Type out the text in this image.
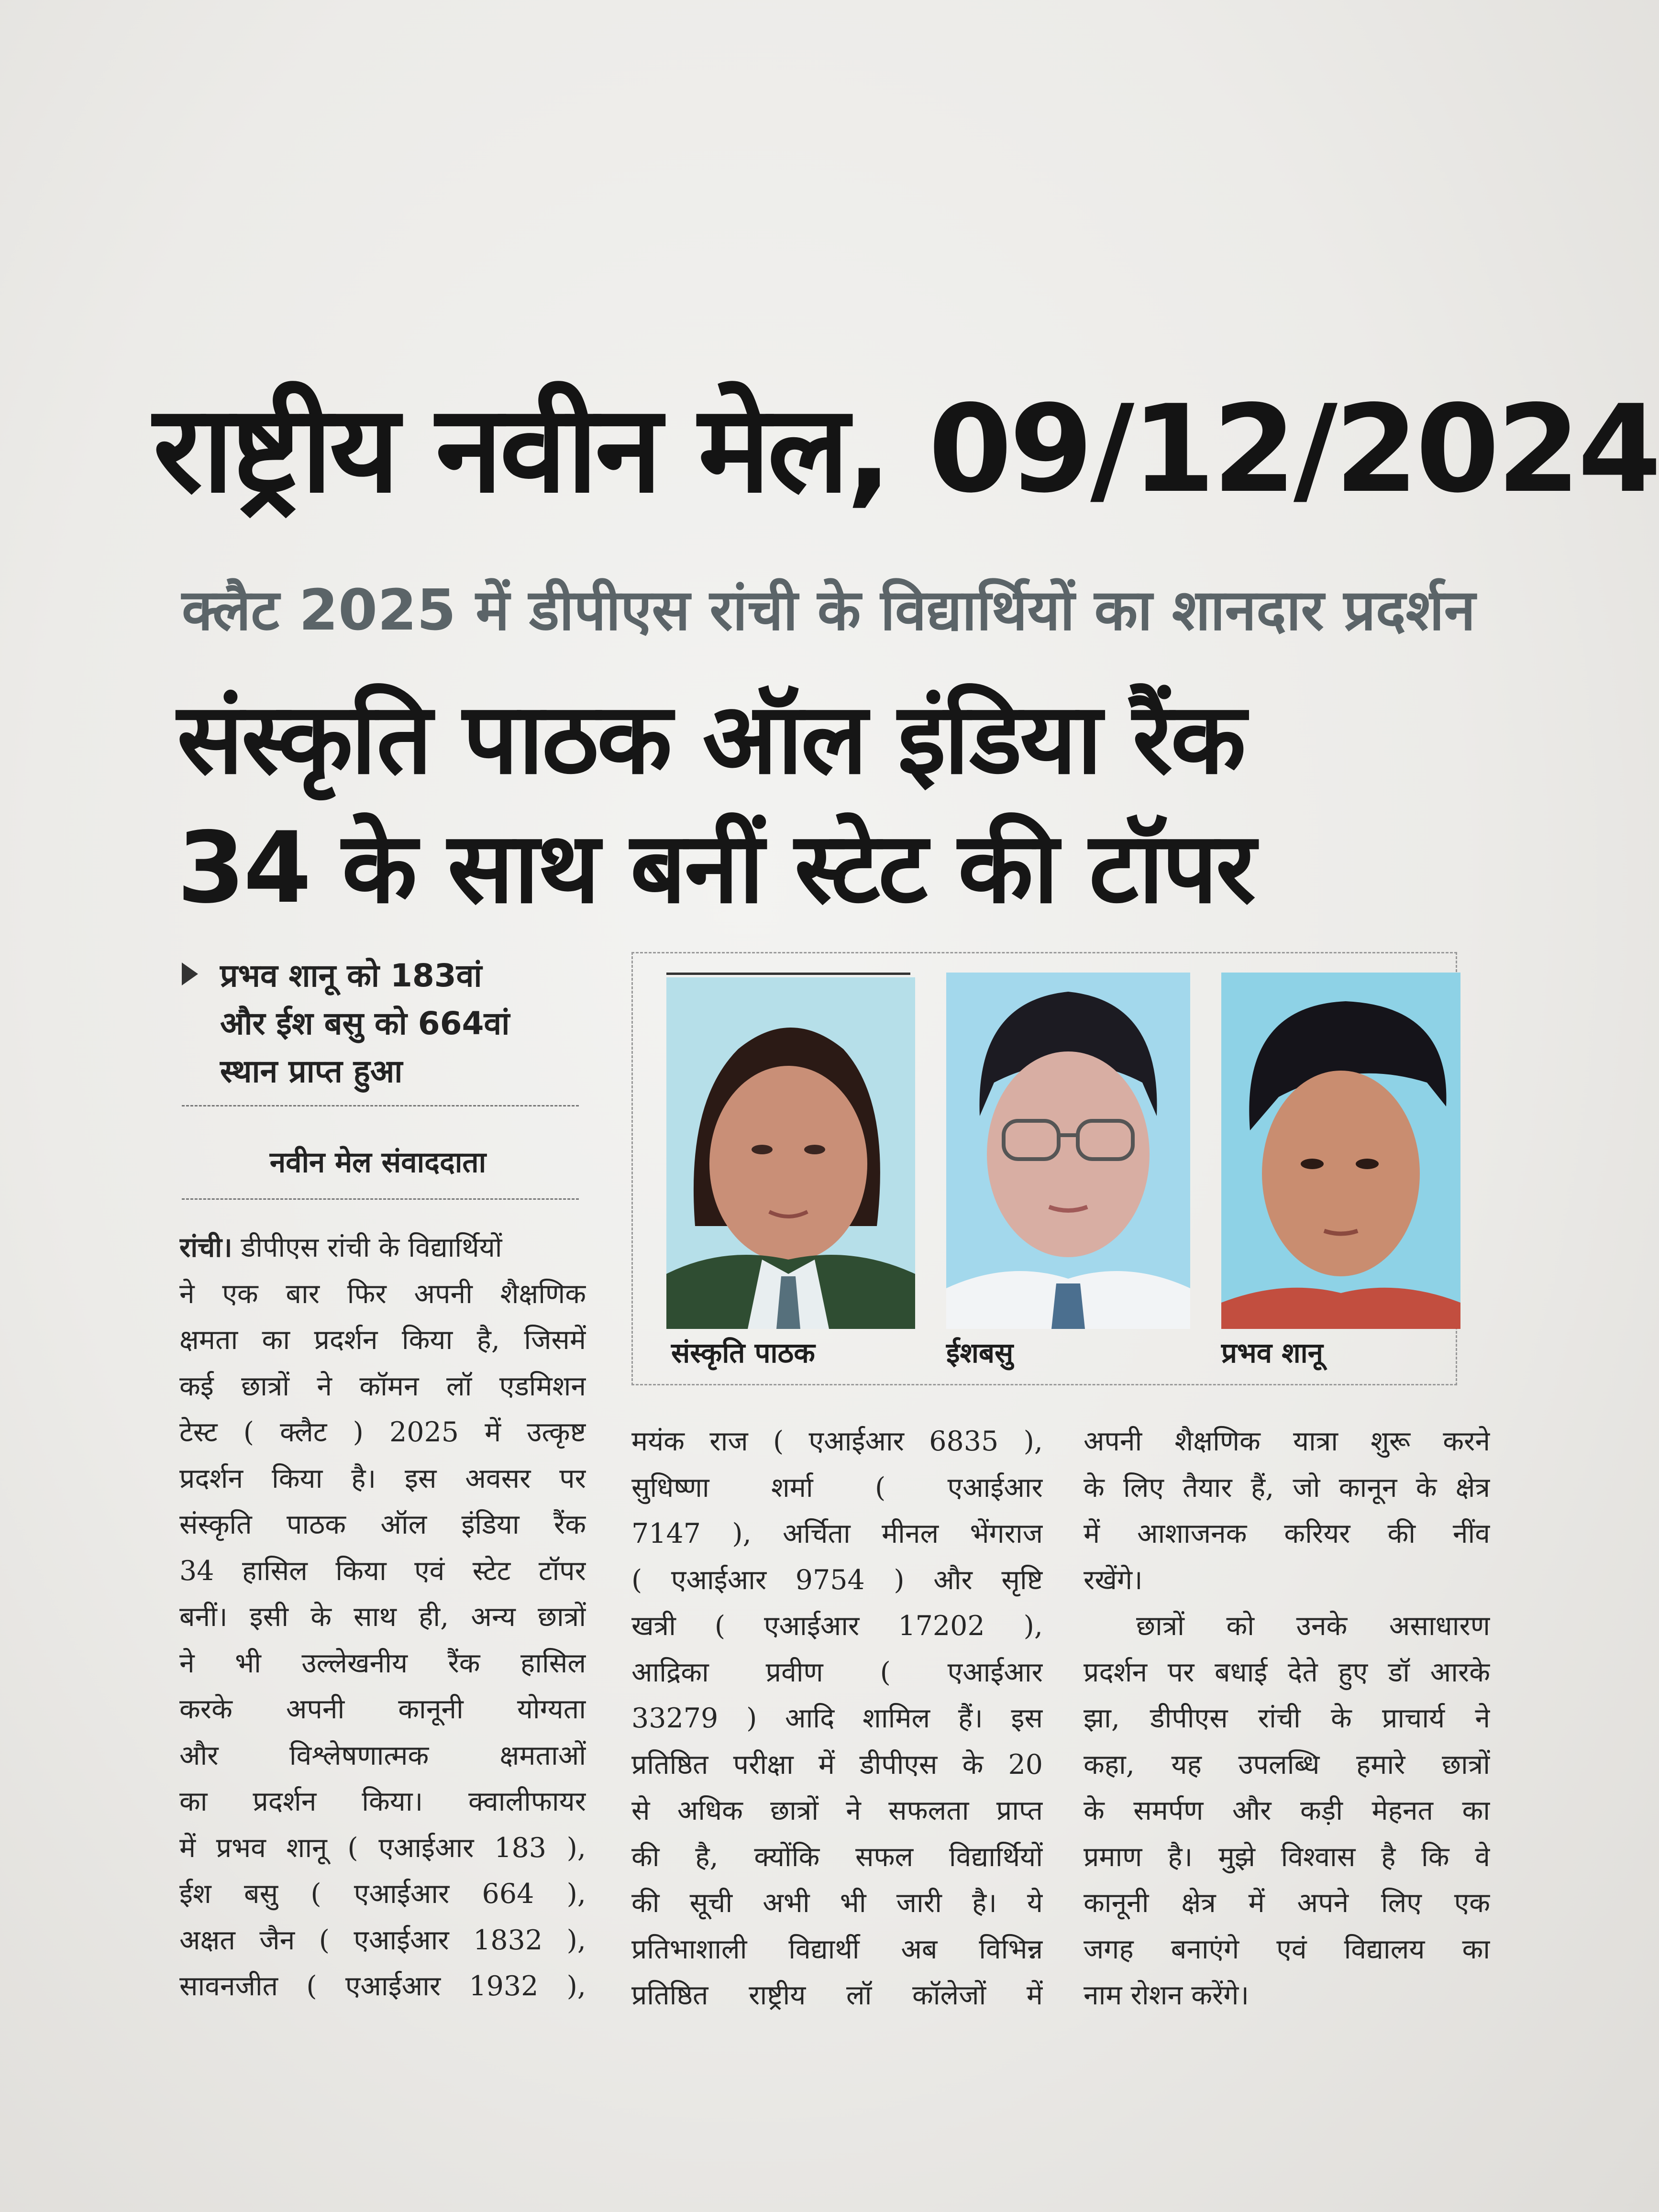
राष्ट्रीय नवीन मेल, 09/12/2024
क्लैट 2025 में डीपीएस रांची के विद्यार्थियों का शानदार प्रदर्शन
संस्कृति पाठक ऑल इंडिया रैंक
34 के साथ बनीं स्टेट की टॉपर
प्रभव शानू को 183वां
और ईश बसु को 664वां
स्थान प्राप्त हुआ
नवीन मेल संवाददाता
संस्कृति पाठक	ईशबसु	प्रभव शानू
रांची। डीपीएस रांची के विद्यार्थियों
ने एक बार फिर अपनी शैक्षणिक
क्षमता का प्रदर्शन किया है, जिसमें
कई छात्रों ने कॉमन लॉ एडमिशन
टेस्ट ( क्लैट ) 2025 में उत्कृष्ट
प्रदर्शन किया है। इस अवसर पर
संस्कृति पाठक ऑल इंडिया रैंक
34 हासिल किया एवं स्टेट टॉपर
बनीं। इसी के साथ ही, अन्य छात्रों
ने भी उल्लेखनीय रैंक हासिल
करके अपनी कानूनी योग्यता
और विश्लेषणात्मक क्षमताओं
का प्रदर्शन किया। क्वालीफायर
में प्रभव शानू ( एआईआर 183 ),
ईश बसु ( एआईआर 664 ),
अक्षत जैन ( एआईआर 1832 ),
सावनजीत ( एआईआर 1932 ),
मयंक राज ( एआईआर 6835 ),
सुधिष्णा शर्मा ( एआईआर
7147 ), अर्चिता मीनल भेंगराज
( एआईआर 9754 ) और सृष्टि
खत्री ( एआईआर 17202 ),
आद्रिका प्रवीण ( एआईआर
33279 ) आदि शामिल हैं। इस
प्रतिष्ठित परीक्षा में डीपीएस के 20
से अधिक छात्रों ने सफलता प्राप्त
की है, क्योंकि सफल विद्यार्थियों
की सूची अभी भी जारी है। ये
प्रतिभाशाली विद्यार्थी अब विभिन्न
प्रतिष्ठित राष्ट्रीय लॉ कॉलेजों में
अपनी शैक्षणिक यात्रा शुरू करने
के लिए तैयार हैं, जो कानून के क्षेत्र
में आशाजनक करियर की नींव
रखेंगे।
छात्रों को उनके असाधारण
प्रदर्शन पर बधाई देते हुए डॉ आरके
झा, डीपीएस रांची के प्राचार्य ने
कहा, यह उपलब्धि हमारे छात्रों
के समर्पण और कड़ी मेहनत का
प्रमाण है। मुझे विश्वास है कि वे
कानूनी क्षेत्र में अपने लिए एक
जगह बनाएंगे एवं विद्यालय का
नाम रोशन करेंगे।
